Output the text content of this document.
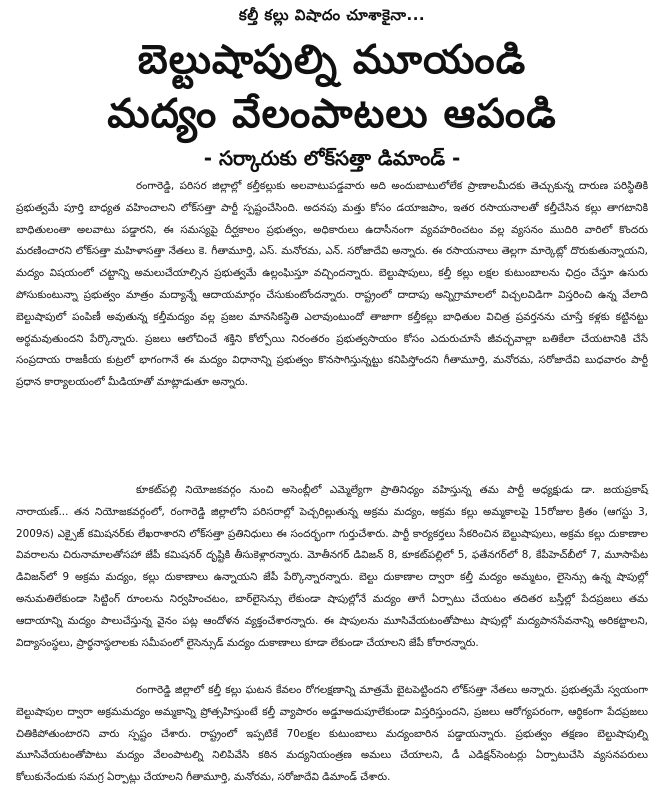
కల్తీ కల్లు విషాదం చూశాకైనా...
బెల్టుషాపుల్ని మూయండి
మద్యం వేలంపాటలు ఆపండి
- సర్కారుకు లోక్‌సత్తా డిమాండ్ -

రంగారెడ్డి, పరిసర జిల్లాల్లో కల్తీకల్లుకు అలవాటుపడ్డవారు అది అందుబాటులోలేక ప్రాణాలమీదకు తెచ్చుకున్న దారుణ పరిస్థితికి ప్రభుత్వమే పూర్తి బాధ్యత వహించాలని లోక్‌సత్తా పార్టీ స్పష్టంచేసింది. అదనపు మత్తు కోసం డయాజపాం, ఇతర రసాయనాలతో కల్తీచేసిన కల్లు తాగటానికి బాధితులంతా అలవాటు పడ్డారని, ఈ సమస్యపై దీర్ఘకాలం ప్రభుత్వం, అధికారులు ఉదాసీనంగా వ్యవహరించటం వల్ల వ్యసనం ముదిరి వారిలో కొందరు మరణించారని లోక్‌సత్తా మహిళాసత్తా నేతలు కె. గీతామూర్తి, ఎస్. మనోరమ, ఎన్. సరోజాదేవి అన్నారు. ఈ రసాయనాలు తెల్లగా మార్కెట్లో దొరుకుతున్నాయని, మద్యం విషయంలో చట్టాన్ని అమలుచేయాల్సిన ప్రభుత్వమే ఉల్లంఘిస్తూ వచ్చిందన్నారు. బెల్టుషాపులు, కల్తీ కల్లు లక్షల కుటుంబాలను ఛిద్రం చేస్తూ ఉసురు పోసుకుంటున్నా ప్రభుత్వం మాత్రం మద్యాన్నే ఆదాయమార్గం చేసుకుంటోందన్నారు. రాష్ట్రంలో దాదాపు అన్నిగ్రామాలలో విచ్చలవిడిగా విస్తరించి ఉన్న వేలాది బెల్టుషాపులో పంపిణీ అవుతున్న కల్తీమద్యం వల్ల ప్రజల మానసికస్థితి ఎలావుంటుందో తాజాగా కల్తీకల్లు బాధితుల విచిత్ర ప్రవర్తనను చూస్తే కళ్లకు కట్టినట్టు అర్థమవుతుందని పేర్కొన్నారు. ప్రజలు ఆలోచించే శక్తిని కోల్పోయి నిరంతరం ప్రభుత్వసాయం కోసం ఎదురుచూసే జీవచ్ఛవాల్లా బతికేలా చేయటానికి చేసే సంప్రదాయ రాజకీయ కుట్రలో భాగంగానే ఈ మద్యం విధానాన్ని ప్రభుత్వం కొనసాగిస్తున్నట్టు కనిపిస్తోందని గీతామూర్తి, మనోరమ, సరోజాదేవి బుధవారం పార్టీ ప్రధాన కార్యాలయంలో మీడియాతో మాట్లాడుతూ అన్నారు.

కూకట్‌పల్లి నియోజకవర్గం నుంచి అసెంబ్లీలో ఎమ్మెల్యేగా ప్రాతినిధ్యం వహిస్తున్న తమ పార్టీ అధ్యక్షుడు డా. జయప్రకాష్ నారాయణ్... తన నియోజకవర్గంలో, రంగారెడ్డి జిల్లాలోని పరిసరాల్లో పెచ్చరిల్లుతున్న అక్రమ మద్యం, అక్రమ కల్లు అమ్మకాలపై 15రోజుల క్రితం (ఆగస్టు 3, 2009న) ఎక్సైజ్ కమిషనర్‌కు లేఖరాశారని లోక్‌సత్తా ప్రతినిధులు ఈ సందర్భంగా గుర్తుచేశారు. పార్టీ కార్యకర్తలు సేకరించిన బెల్టుషాపులు, అక్రమ కల్లు దుకాణాల వివరాలను చిరునామాలతోసహా జేపీ కమిషనర్ దృష్టికి తీసుకెళ్లారన్నారు. మోతీనగర్ డివిజన్ 8, కూకట్‌పల్లిలో 5, ఫతేనగర్‌లో 8, కేపీహెచ్‌బీలో 7, మూసాపేట డివిజన్‌లో 9 అక్రమ మద్యం, కల్లు దుకాణాలు ఉన్నాయని జేపీ పేర్కొన్నారన్నారు. బెల్టు దుకాణాల ద్వారా కల్తీ మద్యం అమ్మటం, లైసెన్సు ఉన్న షాపుల్లో అనుమతిలేకుండా సిట్టింగ్ రూంలను నిర్వహించటం, బార్‌లైసెన్సు లేకుండా షాపుల్లోనే మద్యం తాగే ఏర్పాటు చేయటం తదితర బస్తీల్లో పేదప్రజలు తమ ఆదాయాన్ని మద్యం పాలుచేస్తున్న వైనం పట్ల ఆందోళన వ్యక్తంచేశారన్నారు. ఈ షాపులను మూసివేయటంతోపాటు షాపుల్లో మద్యపానసేవనాన్ని అరికట్టాలని, విద్యాసంస్థలు, ప్రార్థనాస్థలాలకు సమీపంలో లైసెన్సుడ్ మద్యం దుకాణాలు కూడా లేకుండా చేయాలని జేపీ కోరారన్నారు.

రంగారెడ్డి జిల్లాలో కల్తీ కల్లు ఘటన కేవలం రోగలక్షణాన్ని మాత్రమే బైటపెట్టిందని లోక్‌సత్తా నేతలు అన్నారు. ప్రభుత్వమే స్వయంగా బెల్టుషాపుల ద్వారా అక్రమమద్యం అమ్మకాన్ని ప్రోత్సహిస్తుంటే కల్తీ వ్యాపారం అడ్డూఅదుపూలేకుండా విస్తరిస్తుందని, ప్రజలు ఆరోగ్యపరంగా, ఆర్థికంగా పేదప్రజలు చితికిపోతుంటారని వారు స్పష్టం చేశారు. రాష్ట్రంలో ఇప్పటికే 70లక్షల కుటుంబాలు మద్యంబారిన పడ్డాయన్నారు. ప్రభుత్వం తక్షణం బెల్టుషాపుల్ని మూసివేయటంతోపాటు మద్యం వేలంపాటల్ని నిలిపివేసి కఠిన మద్యనియంత్రణ అమలు చేయాలని, డీ ఎడిక్షన్‌సెంటర్లు ఏర్పాటుచేసి వ్యసనపరులు కోలుకునేందుకు సమగ్ర ఏర్పాట్లు చేయాలని గీతామూర్తి, మనోరమ, సరోజాదేవి డిమాండ్ చేశారు.
